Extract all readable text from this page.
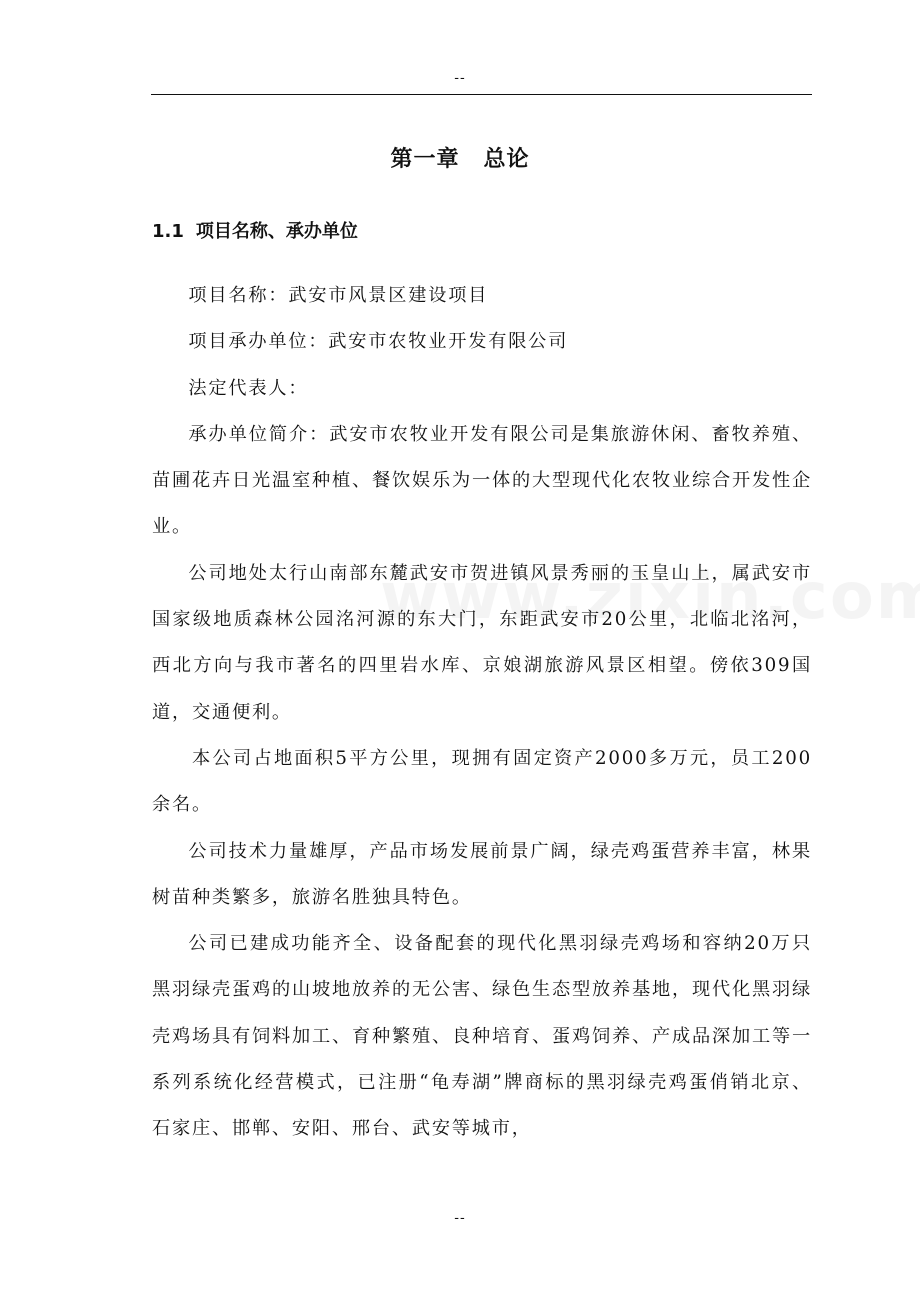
--
第一章 总论
1.1 项目名称、承办单位

项目名称：武安市风景区建设项目

项目承办单位：武安市农牧业开发有限公司

法定代表人：

承办单位简介：武安市农牧业开发有限公司是集旅游休闲、畜牧养殖、苗圃花卉日光温室种植、餐饮娱乐为一体的大型现代化农牧业综合开发性企业。

公司地处太行山南部东麓武安市贺进镇风景秀丽的玉皇山上，属武安市国家级地质森林公园洺河源的东大门，东距武安市20公里，北临北洺河，西北方向与我市著名的四里岩水库、京娘湖旅游风景区相望。傍依309国道，交通便利。

本公司占地面积5平方公里，现拥有固定资产2000多万元，员工200余名。

公司技术力量雄厚，产品市场发展前景广阔，绿壳鸡蛋营养丰富，林果树苗种类繁多，旅游名胜独具特色。

公司已建成功能齐全、设备配套的现代化黑羽绿壳鸡场和容纳20万只黑羽绿壳蛋鸡的山坡地放养的无公害、绿色生态型放养基地，现代化黑羽绿壳鸡场具有饲料加工、育种繁殖、良种培育、蛋鸡饲养、产成品深加工等一系列系统化经营模式，已注册“龟寿湖”牌商标的黑羽绿壳鸡蛋俏销北京、石家庄、邯郸、安阳、邢台、武安等城市，

--
